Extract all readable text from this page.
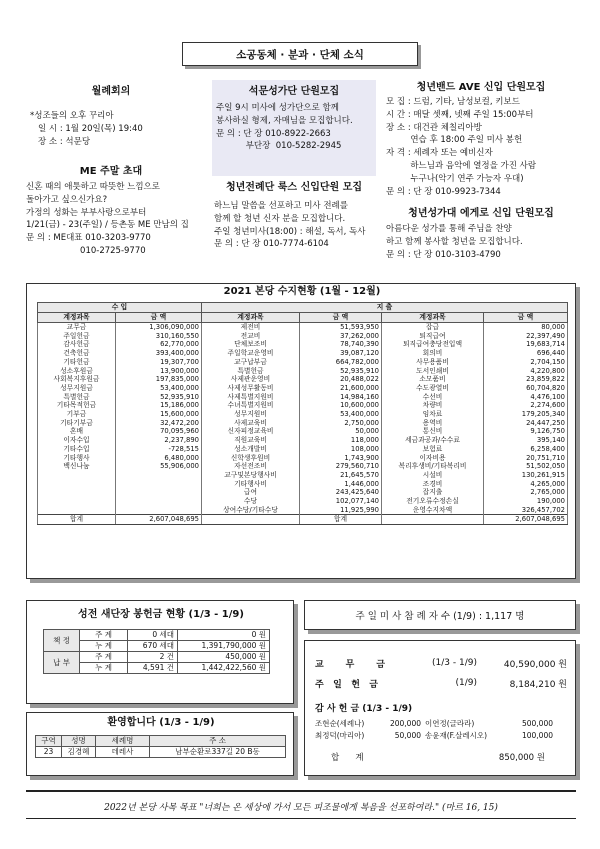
소공동체 · 분과 · 단체 소식
월례회의
*성조들의 오후 꾸리아
일 시 : 1월 20일(목) 19:40
장 소 : 석문당
ME 주말 초대
신혼 때의 애틋하고 따뜻한 느낌으로
돌아가고 싶으신가요?
가정의 성화는 부부사랑으로부터
1/21(금) - 23(주일) / 등촌동 ME 만남의 집
문 의 : ME대표 010-3203-9770
010-2725-9770
석문성가단 단원모집
주일 9시 미사에 성가단으로 함께
봉사하실 형제, 자매님을 모집합니다.
문 의 : 단 장 010-8922-2663
부단장  010-5282-2945
청년전례단 룩스 신입단원 모집
하느님 말씀을 선포하고 미사 전례를
함께 할 청년 신자 분을 모집합니다.
주일 청년미사(18:00) : 해설, 독서, 독사
문 의 : 단 장 010-7774-6104
청년밴드 AVE 신입 단원모집
모 집 : 드럼, 기타, 남성보컬, 키보드
시 간 : 매달 셋째, 넷째 주일 15:00부터
장 소 : 대건관 체칠리아방
연습 후 18:00 주일 미사 봉헌
자 격 : 세례자 또는 예비신자
하느님과 음악에 열정을 가진 사람
누구나(악기 연주 가능자 우대)
문 의 : 단 장 010-9923-7344
청년성가대 에게로 신입 단원모집
아름다운 성가를 통해 주님을 찬양
하고 함께 봉사할 청년을 모집합니다.
문 의 : 단 장 010-3103-4790
2021 본당 수지현황 (1월 - 12월)
수 입		지 출			
계정과목	금 액	계정과목	금 액	계정과목	금 액
교무금	1,306,090,000	제전비	51,593,950	잡급	80,000
주일헌금	310,160,550	전교비	37,262,000	퇴직급여	22,397,490
감사헌금	62,770,000	단체보조비	78,740,390	퇴직급여충당전입액	19,683,714
건축헌금	393,400,000	주일학교운영비	39,087,120	회의비	696,440
기타헌금	19,307,700	교구납부금	664,782,000	사무용품비	2,704,150
성소후원금	13,900,000	특별헌금	52,935,910	도서인쇄비	4,220,800
사회복지후원금	197,835,000	사제관운영비	20,488,022	소모품비	23,859,822
성무지원금	53,400,000	사제성무활동비	21,600,000	수도광열비	60,704,820
특별헌금	52,935,910	사제특별지원비	14,984,160	수선비	4,476,100
기타목적헌금	15,186,000	수녀특별지원비	10,600,000	차량비	2,274,600
기부금	15,600,000	성무지원비	53,400,000	임차료	179,205,340
기타기부금	32,472,200	사제교육비	2,750,000	용역비	24,447,250
혼배	70,095,960	신자피정교육비	50,000	통신비	9,126,750
이자수입	2,237,890	직원교육비	118,000	세금과공과/수수료	395,140
기타수입	-728,515	성소개발비	108,000	보험료	6,258,400
기타행사	6,480,000	신학생후원비	1,743,900	이자비용	20,751,710
백신나눔	55,906,000	자선전조비	279,560,710	복리후생비/기타복리비	51,502,050
		교구및본당행사비	21,645,570	시설비	130,261,915
		기타행사비	1,446,000	조경비	4,265,000
		급여	243,425,640	잡지출	2,765,000
		수당	102,077,140	전기오류수정손실	190,000
		상여수당/기타수당	11,925,990	운영수지차액	326,457,702
합계	2,607,048,695		합계		2,607,048,695
성전 새단장 봉헌금 현황 (1/3 - 1/9)
책 정	주 계	0 세대	0 원
	누 계	670 세대	1,391,790,000 원
납 부	주 계	2 건	450,000 원
	누 계	4,591 건	1,442,422,560 원
환영합니다 (1/3 - 1/9)
구역	성명	세례명	주 소
23	김경혜	데레사	남부순환로337길 20 B동
주 일 미 사 참 례 자 수 (1/9) : 1,117 명
교       무       금	(1/3 - 1/9)	40,590,000 원
주   일   헌   금	(1/9)	8,184,210 원
감 사 헌 금 (1/3 - 1/9)
조현순(세례나)	200,000 이연정(글라라)	500,000
최정덕(마리아)	50,000 송윤재(F.살레시오)	100,000
합      계	850,000 원
2022년 본당 사목 목표 "너희는 온 세상에 가서 모든 피조물에게 복음을 선포하여라." (마르 16, 15)
